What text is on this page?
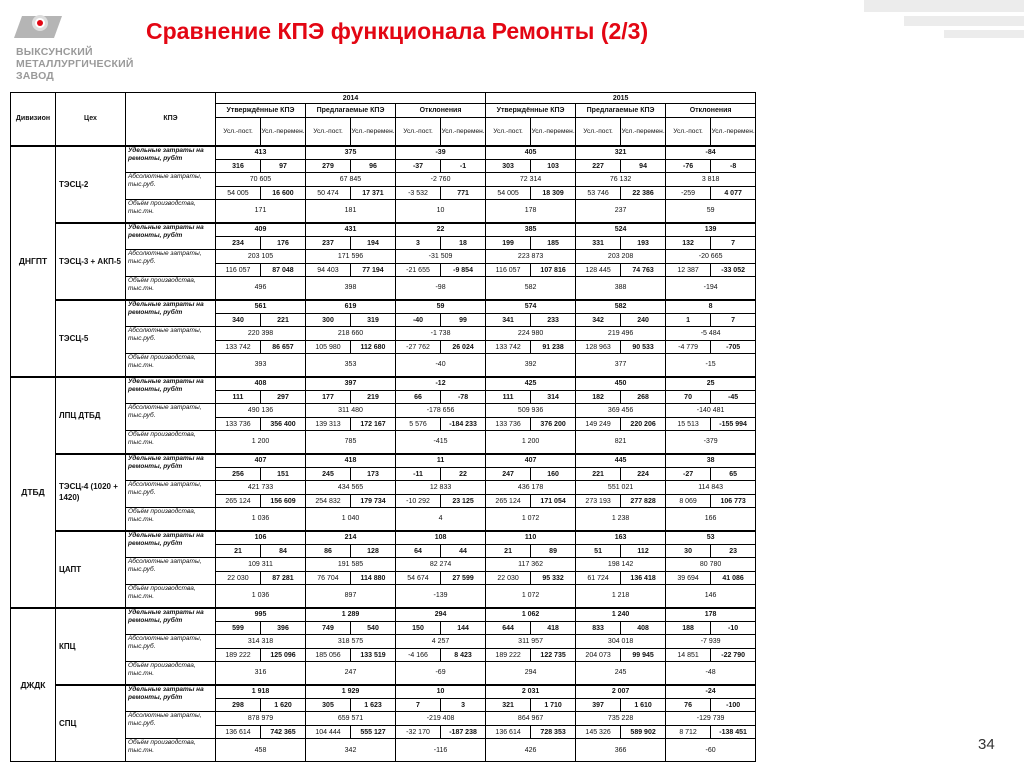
ВЫКСУНСКИЙ
МЕТАЛЛУРГИЧЕСКИЙ
ЗАВОД
Сравнение КПЭ функционала Ремонты (2/3)
Дивизион	Цех	КПЭ	2014						2015					
			Утверждённые КПЭ		Предлагаемые КПЭ		Отклонения		Утверждённые КПЭ		Предлагаемые КПЭ		Отклонения	
			Усл.-пост.	Усл.-перемен.	Усл.-пост.	Усл.-перемен.	Усл.-пост.	Усл.-перемен.	Усл.-пост.	Усл.-перемен.	Усл.-пост.	Усл.-перемен.	Усл.-пост.	Усл.-перемен.
ДНГПТ	ТЭСЦ-2	Удельные затраты на ремонты, руб/т	413		375		-39		405		321		-84	
			316	97	279	96	-37	-1	303	103	227	94	-76	-8
		Абсолютные затраты, тыс.руб.	70 605		67 845		-2 760		72 314		76 132		3 818	
			54 005	16 600	50 474	17 371	-3 532	771	54 005	18 309	53 746	22 386	-259	4 077
		Объём производства, тыс.тн.	171		181		10		178		237		59	
	ТЭСЦ-3 + АКП-5	Удельные затраты на ремонты, руб/т	409		431		22		385		524		139	
			234	176	237	194	3	18	199	185	331	193	132	7
		Абсолютные затраты, тыс.руб.	203 105		171 596		-31 509		223 873		203 208		-20 665	
			116 057	87 048	94 403	77 194	-21 655	-9 854	116 057	107 816	128 445	74 763	12 387	-33 052
		Объём производства, тыс.тн.	496		398		-98		582		388		-194	
	ТЭСЦ-5	Удельные затраты на ремонты, руб/т	561		619		59		574		582		8	
			340	221	300	319	-40	99	341	233	342	240	1	7
		Абсолютные затраты, тыс.руб.	220 398		218 660		-1 738		224 980		219 496		-5 484	
			133 742	86 657	105 980	112 680	-27 762	26 024	133 742	91 238	128 963	90 533	-4 779	-705
		Объём производства, тыс.тн.	393		353		-40		392		377		-15	
ДТБД	ЛПЦ ДТБД	Удельные затраты на ремонты, руб/т	408		397		-12		425		450		25	
			111	297	177	219	66	-78	111	314	182	268	70	-45
		Абсолютные затраты, тыс.руб.	490 136		311 480		-178 656		509 936		369 456		-140 481	
			133 736	356 400	139 313	172 167	5 576	-184 233	133 736	376 200	149 249	220 206	15 513	-155 994
		Объём производства, тыс.тн.	1 200		785		-415		1 200		821		-379	
	ТЭСЦ-4 (1020 + 1420)	Удельные затраты на ремонты, руб/т	407		418		11		407		445		38	
			256	151	245	173	-11	22	247	160	221	224	-27	65
		Абсолютные затраты, тыс.руб.	421 733		434 565		12 833		436 178		551 021		114 843	
			265 124	156 609	254 832	179 734	-10 292	23 125	265 124	171 054	273 193	277 828	8 069	106 773
		Объём производства, тыс.тн.	1 036		1 040		4		1 072		1 238		166	
	ЦАПТ	Удельные затраты на ремонты, руб/т	106		214		108		110		163		53	
			21	84	86	128	64	44	21	89	51	112	30	23
		Абсолютные затраты, тыс.руб.	109 311		191 585		82 274		117 362		198 142		80 780	
			22 030	87 281	76 704	114 880	54 674	27 599	22 030	95 332	61 724	136 418	39 694	41 086
		Объём производства, тыс.тн.	1 036		897		-139		1 072		1 218		146	
ДЖДК	КПЦ	Удельные затраты на ремонты, руб/т	995		1 289		294		1 062		1 240		178	
			599	396	749	540	150	144	644	418	833	408	188	-10
		Абсолютные затраты, тыс.руб.	314 318		318 575		4 257		311 957		304 018		-7 939	
			189 222	125 096	185 056	133 519	-4 166	8 423	189 222	122 735	204 073	99 945	14 851	-22 790
		Объём производства, тыс.тн.	316		247		-69		294		245		-48	
	СПЦ	Удельные затраты на ремонты, руб/т	1 918		1 929		10		2 031		2 007		-24	
			298	1 620	305	1 623	7	3	321	1 710	397	1 610	76	-100
		Абсолютные затраты, тыс.руб.	878 979		659 571		-219 408		864 967		735 228		-129 739	
			136 614	742 365	104 444	555 127	-32 170	-187 238	136 614	728 353	145 326	589 902	8 712	-138 451
		Объём производства, тыс.тн.	458		342		-116		426		366		-60		34
